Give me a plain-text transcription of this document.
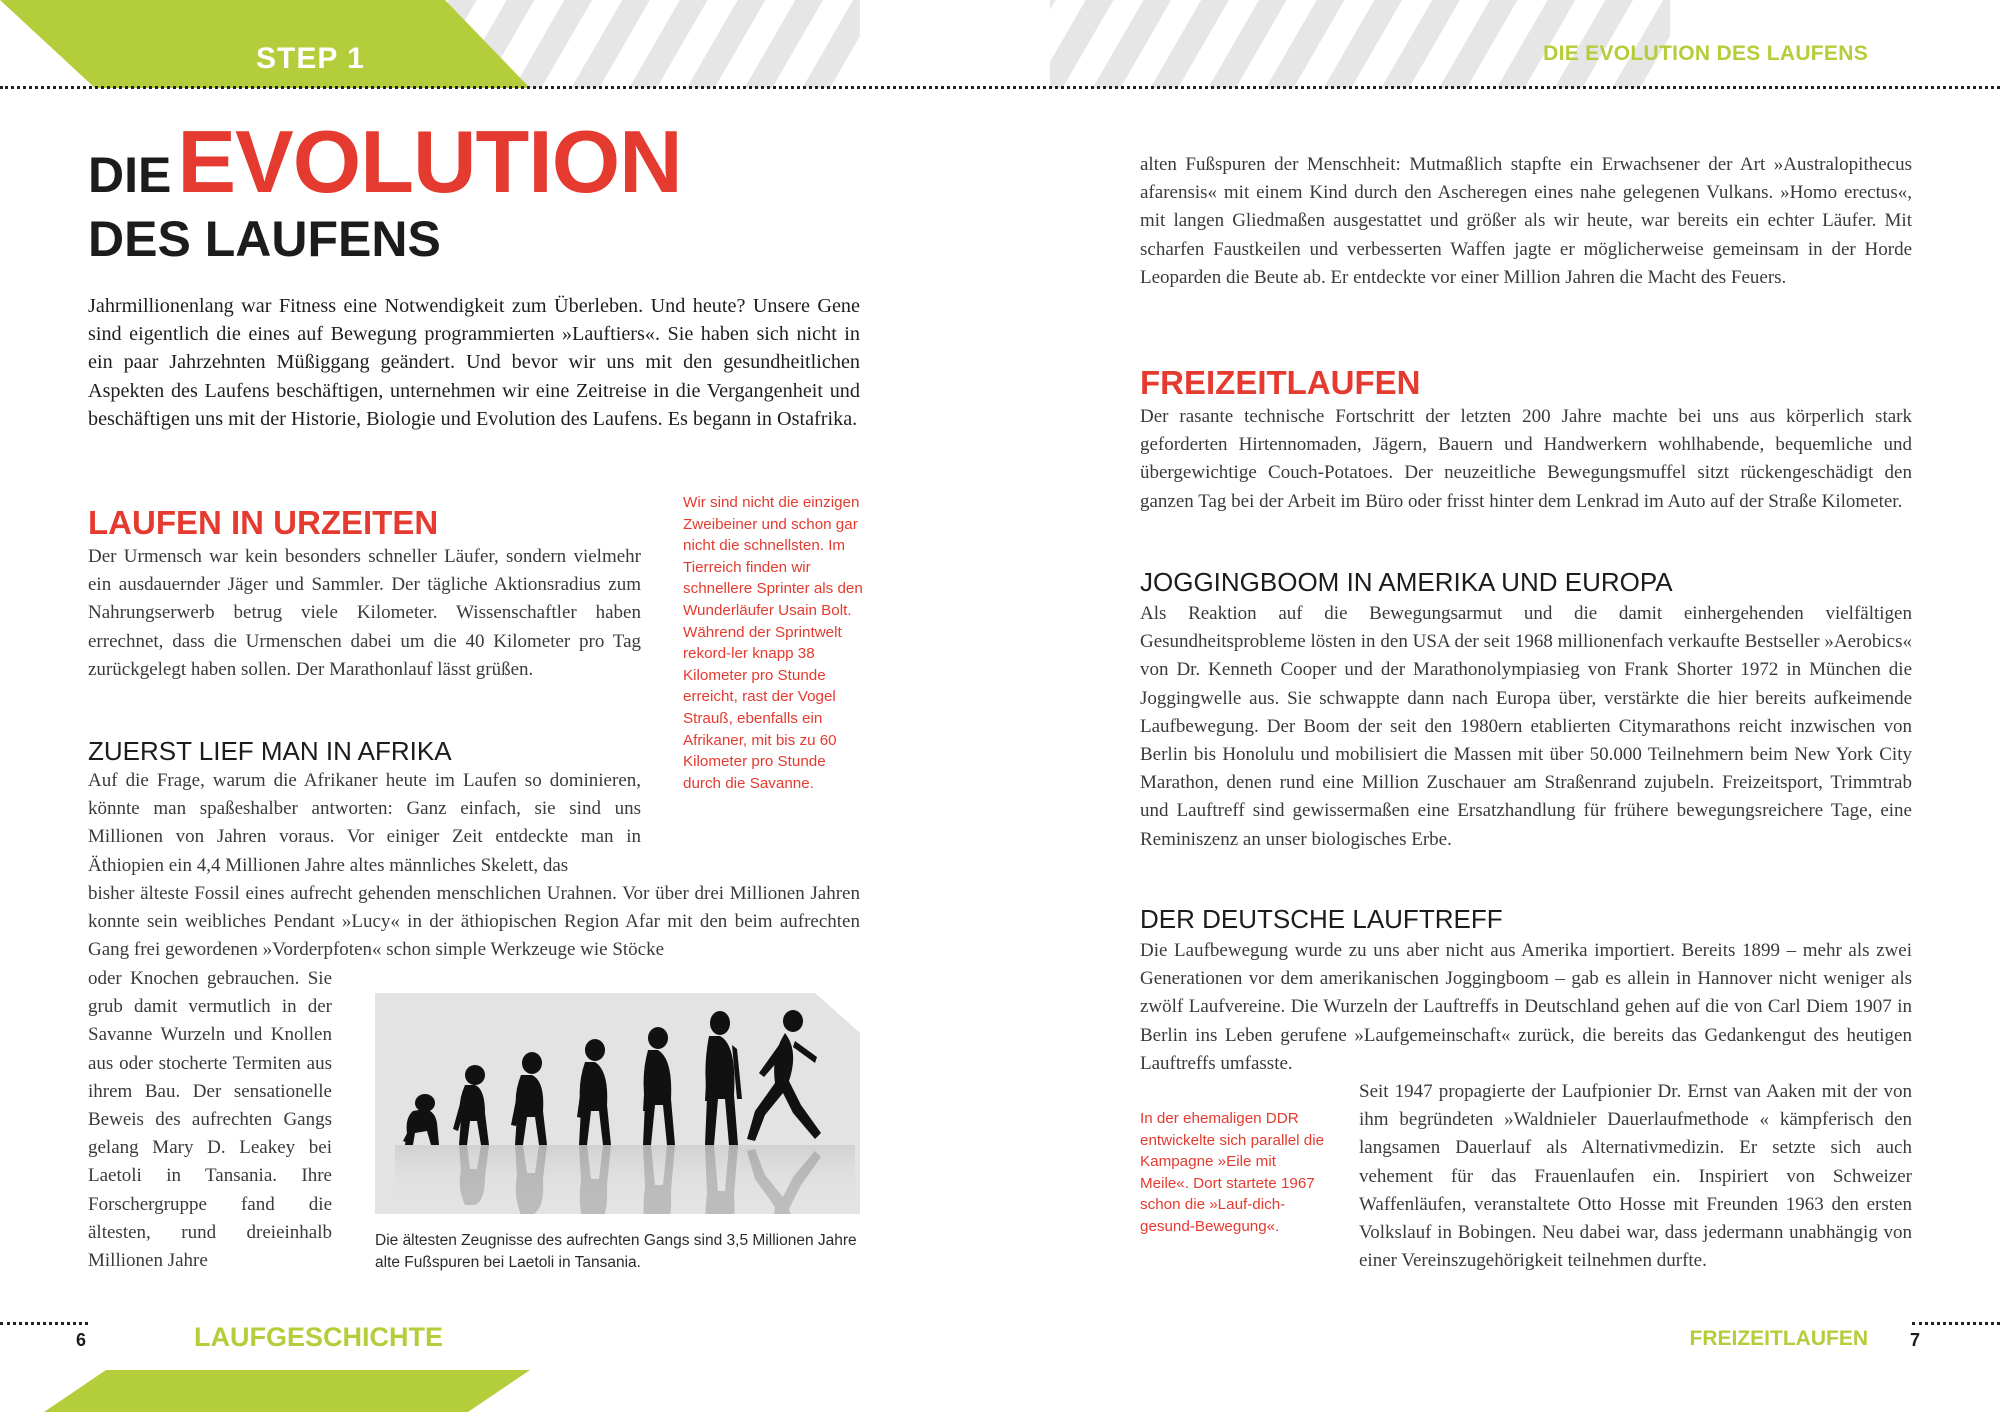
STEP 1	DIE EVOLUTION DES LAUFENS
DIEEVOLUTION
DES LAUFENS

Jahrmillionenlang war Fitness eine Notwendigkeit zum Überleben. Und heute? Unsere Gene sind eigentlich die eines auf Bewegung programmierten »Lauftiers«. Sie haben sich nicht in ein paar Jahrzehnten Müßiggang geändert. Und bevor wir uns mit den gesundheitlichen Aspekten des Laufens beschäftigen, unternehmen wir eine Zeitreise in die Vergangenheit und beschäftigen uns mit der Historie, Biologie und Evolution des Laufens. Es begann in Ostafrika.

LAUFEN IN URZEITEN

Der Urmensch war kein besonders schneller Läufer, sondern vielmehr ein ausdauernder Jäger und Sammler. Der tägliche Aktionsradius zum Nahrungserwerb betrug viele Kilometer. Wissenschaftler haben errechnet, dass die Urmenschen dabei um die 40 Kilometer pro Tag zurückgelegt haben sollen. Der Marathonlauf lässt grüßen.

Wir sind nicht die einzigen Zweibeiner und schon gar nicht die schnellsten. Im Tierreich finden wir schnellere Sprinter als den Wunderläufer Usain Bolt. Während der Sprintwelt rekord-ler knapp 38 Kilometer pro Stunde erreicht, rast der Vogel Strauß, ebenfalls ein Afrikaner, mit bis zu 60 Kilometer pro Stunde durch die Savanne.
ZUERST LIEF MAN IN AFRIKA

Auf die Frage, warum die Afrikaner heute im Laufen so dominieren, könnte man spaßeshalber antworten: Ganz einfach, sie sind uns Millionen von Jahren voraus. Vor einiger Zeit entdeckte man in Äthiopien ein 4,4 Millionen Jahre altes männliches Skelett, das

bisher älteste Fossil eines aufrecht gehenden menschlichen Urahnen. Vor über drei Millionen Jahren konnte sein weibliches Pendant »Lucy« in der äthiopischen Region Afar mit den beim aufrechten Gang frei gewordenen »Vorderpfoten« schon simple Werkzeuge wie Stöcke

oder Knochen gebrauchen. Sie grub damit vermutlich in der Savanne Wurzeln und Knollen aus oder stocherte Termiten aus ihrem Bau. Der sensationelle Beweis des aufrechten Gangs gelang Mary D. Leakey bei Laetoli in Tansania. Ihre Forschergruppe fand die ältesten, rund dreieinhalb Millionen Jahre

Die ältesten Zeugnisse des aufrechten Gangs sind 3,5 Millionen Jahre alte Fußspuren bei Laetoli in Tansania.

alten Fußspuren der Menschheit: Mutmaßlich stapfte ein Erwachsener der Art »Australopithecus afarensis« mit einem Kind durch den Ascheregen eines nahe gelegenen Vulkans. »Homo erectus«, mit langen Gliedmaßen ausgestattet und größer als wir heute, war bereits ein echter Läufer. Mit scharfen Faustkeilen und verbesserten Waffen jagte er möglicherweise gemeinsam in der Horde Leoparden die Beute ab. Er entdeckte vor einer Million Jahren die Macht des Feuers.

FREIZEITLAUFEN

Der rasante technische Fortschritt der letzten 200 Jahre machte bei uns aus körperlich stark geforderten Hirtennomaden, Jägern, Bauern und Handwerkern wohlhabende, bequemliche und übergewichtige Couch-Potatoes. Der neuzeitliche Bewegungsmuffel sitzt rückengeschädigt den ganzen Tag bei der Arbeit im Büro oder frisst hinter dem Lenkrad im Auto auf der Straße Kilometer.

JOGGINGBOOM IN AMERIKA UND EUROPA

Als Reaktion auf die Bewegungsarmut und die damit einhergehenden vielfältigen Gesundheitsprobleme lösten in den USA der seit 1968 millionenfach verkaufte Bestseller »Aerobics« von Dr. Kenneth Cooper und der Marathonolympiasieg von Frank Shorter 1972 in München die Joggingwelle aus. Sie schwappte dann nach Europa über, verstärkte die hier bereits aufkeimende Laufbewegung. Der Boom der seit den 1980ern etablierten Citymarathons reicht inzwischen von Berlin bis Honolulu und mobilisiert die Massen mit über 50.000 Teilnehmern beim New York City Marathon, denen rund eine Million Zuschauer am Straßenrand zujubeln. Freizeitsport, Trimmtrab und Lauftreff sind gewissermaßen eine Ersatzhandlung für frühere bewegungsreichere Tage, eine Reminiszenz an unser biologisches Erbe.

DER DEUTSCHE LAUFTREFF

Die Laufbewegung wurde zu uns aber nicht aus Amerika importiert. Bereits 1899 – mehr als zwei Generationen vor dem amerikanischen Joggingboom – gab es allein in Hannover nicht weniger als zwölf Laufvereine. Die Wurzeln der Lauftreffs in Deutschland gehen auf die von Carl Diem 1907 in Berlin ins Leben gerufene »Laufgemeinschaft« zurück, die bereits das Gedankengut des heutigen Lauftreffs umfasste.

Seit 1947 propagierte der Laufpionier Dr. Ernst van Aaken mit der von ihm begründeten »Waldnieler Dauerlaufmethode « kämpferisch den langsamen Dauerlauf als Alternativmedizin. Er setzte sich auch vehement für das Frauenlaufen ein. Inspiriert von Schweizer Waffenläufen, veranstaltete Otto Hosse mit Freunden 1963 den ersten Volkslauf in Bobingen. Neu dabei war, dass jedermann unabhängig von einer Vereinszugehörigkeit teilnehmen durfte.

In der ehemaligen DDR entwickelte sich parallel die Kampagne »Eile mit Meile«. Dort startete 1967 schon die »Lauf-dich-gesund-Bewegung«.
6	LAUFGESCHICHTE	FREIZEITLAUFEN 7
